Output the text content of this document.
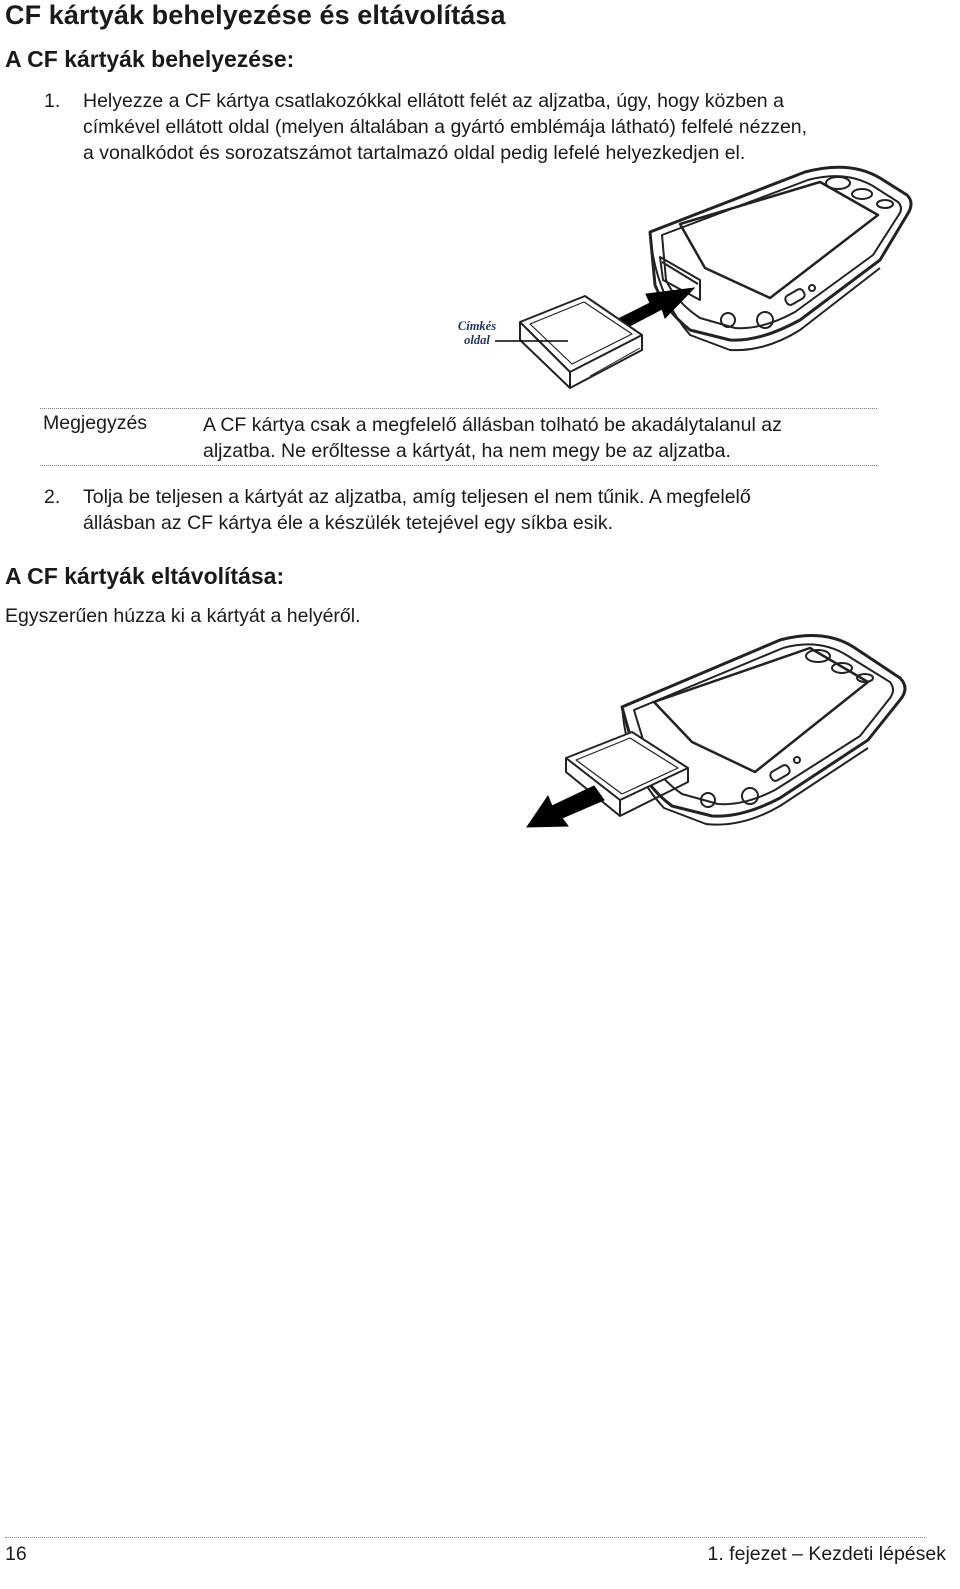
CF kártyák behelyezése és eltávolítása
A CF kártyák behelyezése:
1.	Helyezze a CF kártya csatlakozókkal ellátott felét az aljzatba, úgy, hogy közben a
címkével ellátott oldal (melyen általában a gyártó emblémája látható) felfelé nézzen,
a vonalkódot és sorozatszámot tartalmazó oldal pedig lefelé helyezkedjen el.
Címkés
oldal
Megjegyzés	A CF kártya csak a megfelelő állásban tolható be akadálytalanul az
aljzatba. Ne erőltesse a kártyát, ha nem megy be az aljzatba.
2.	Tolja be teljesen a kártyát az aljzatba, amíg teljesen el nem tűnik. A megfelelő
állásban az CF kártya éle a készülék tetejével egy síkba esik.
A CF kártyák eltávolítása:
Egyszerűen húzza ki a kártyát a helyéről.
16	1. fejezet – Kezdeti lépések
